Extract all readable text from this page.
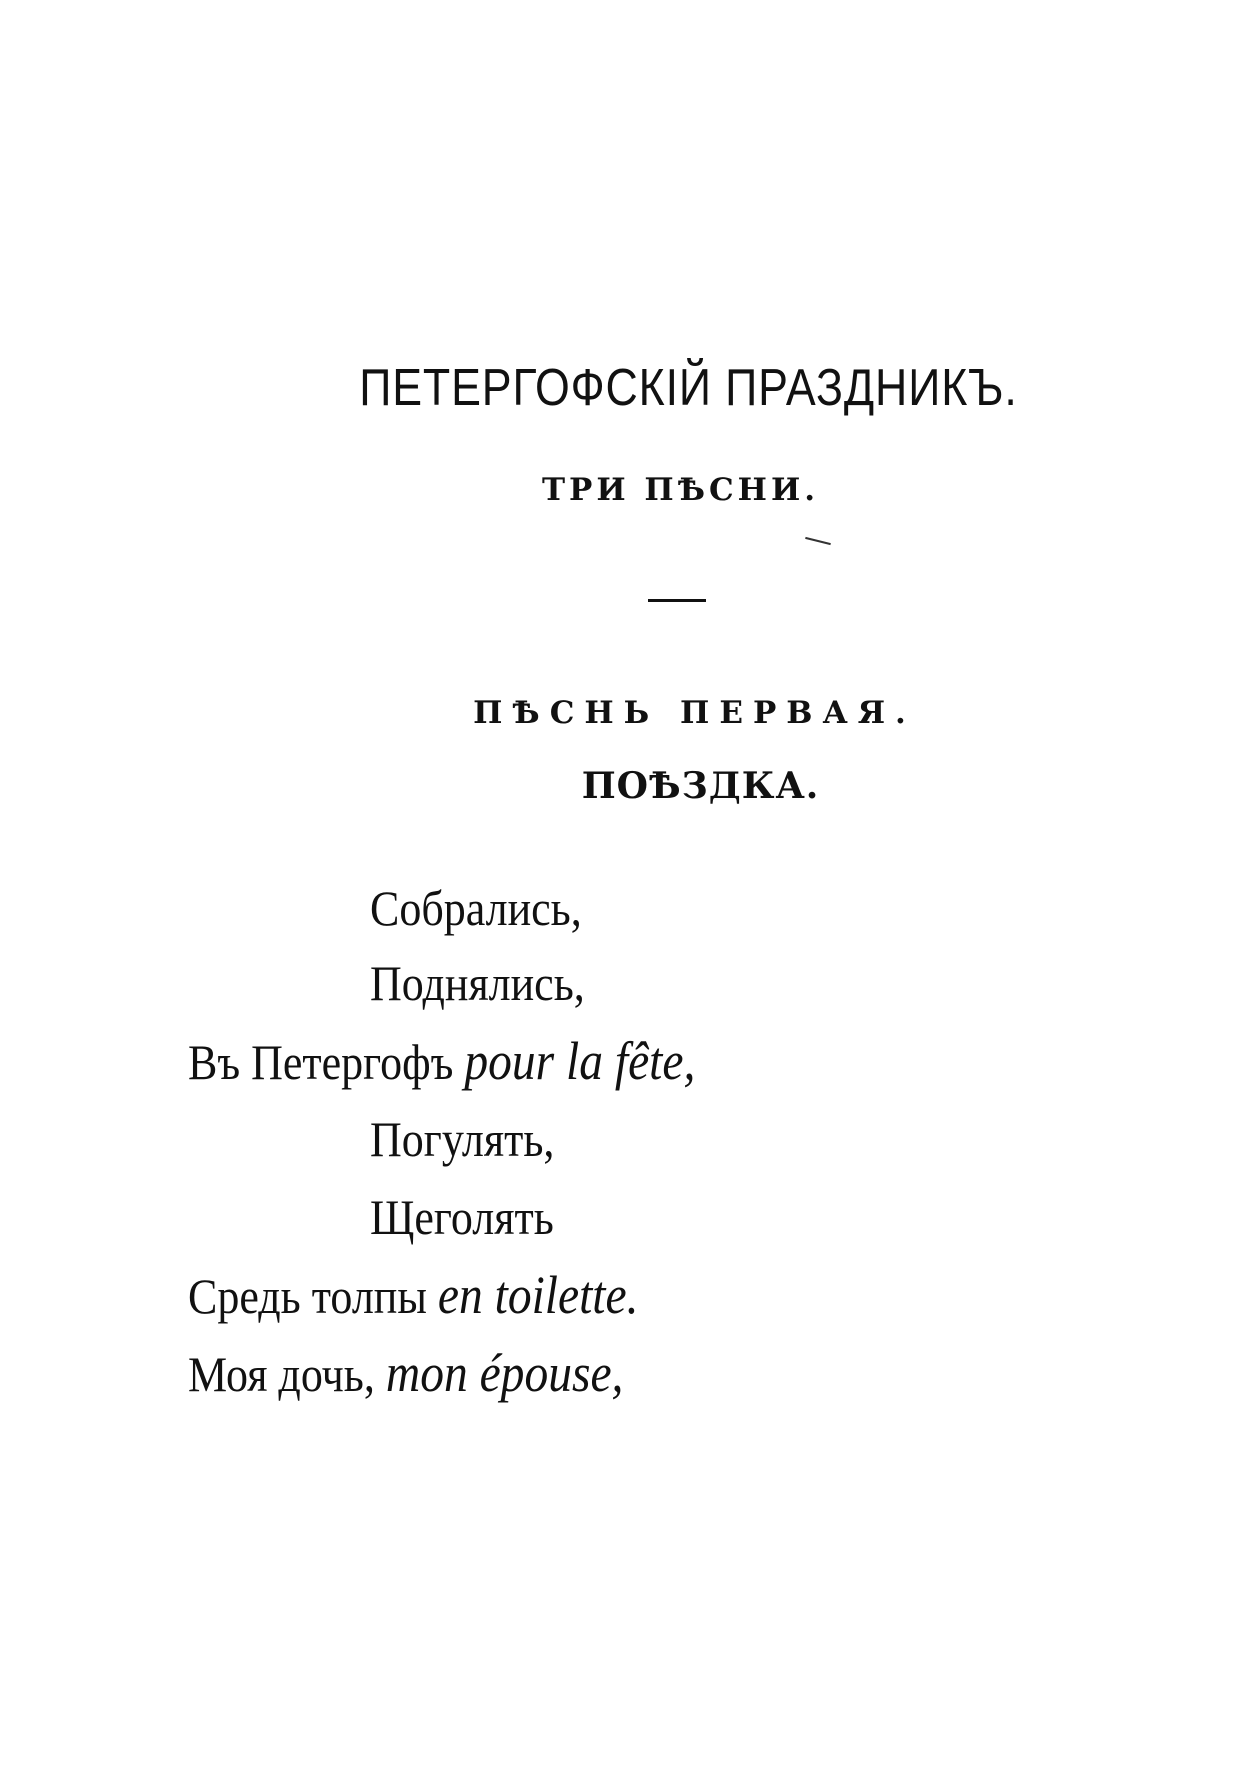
ПЕТЕРГОФСКІЙ ПРАЗДНИКЪ.
ТРИ ПѢСНИ.
ПѢСНЬ ПЕРВАЯ.
ПОѢЗДКА.
Собрались,
Поднялись,
Въ Петергофъ pour la fête,
Погулять,
Щеголять
Средь толпы en toilette.
Моя дочь, mon épouse,
